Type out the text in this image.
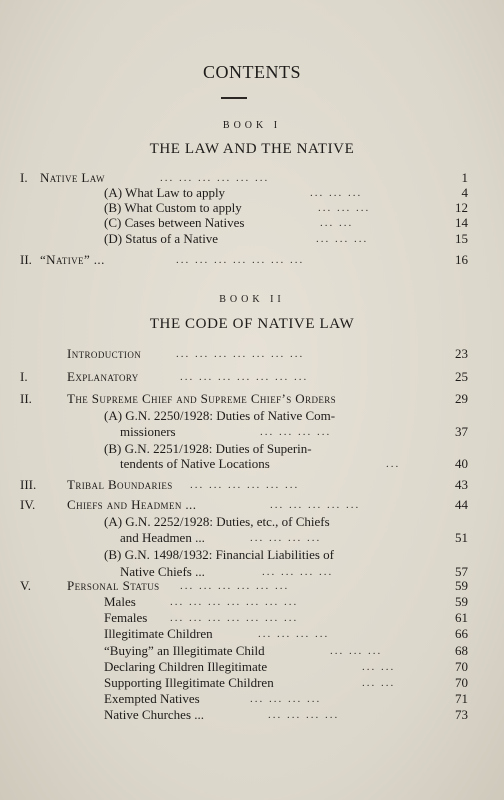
CONTENTS
BOOK I
THE LAW AND THE NATIVE
BOOK II
THE CODE OF NATIVE LAW
I. Native Law	... ... ... ... ... ...	1
(A) What Law to apply	... ... ...	4
(B) What Custom to apply	... ... ...	12
(C) Cases between Natives	... ...	14
(D) Status of a Native	... ... ...	15
II. “Native” ...	... ... ... ... ... ... ...	16
Introduction	... ... ... ... ... ... ...	23
I.	Explanatory	... ... ... ... ... ... ...	25
II.	The Supreme Chief and Supreme Chief’s Orders	29
(A) G.N. 2250/1928: Duties of Native Com-
missioners	... ... ... ...	37
(B) G.N. 2251/1928: Duties of Superin-
tendents of Native Locations	...	40
III. Tribal Boundaries ... ... ... ... ... ...	43
IV. Chiefs and Headmen ...	... ... ... ... ...	44
(A) G.N. 2252/1928: Duties, etc., of Chiefs
and Headmen ...	... ... ... ...	51
(B) G.N. 1498/1932: Financial Liabilities of
Native Chiefs ...	... ... ... ...	57
V.	Personal Status ... ... ... ... ... ...	59
Males	... ... ... ... ... ... ...	59
Females ... ... ... ... ... ... ...	61
Illegitimate Children	... ... ... ...	66
“Buying” an Illegitimate Child	... ... ...	68
Declaring Children Illegitimate	... ...	70
Supporting Illegitimate Children	... ...	70
Exempted Natives	... ... ... ...	71
Native Churches ...	... ... ... ...	73
